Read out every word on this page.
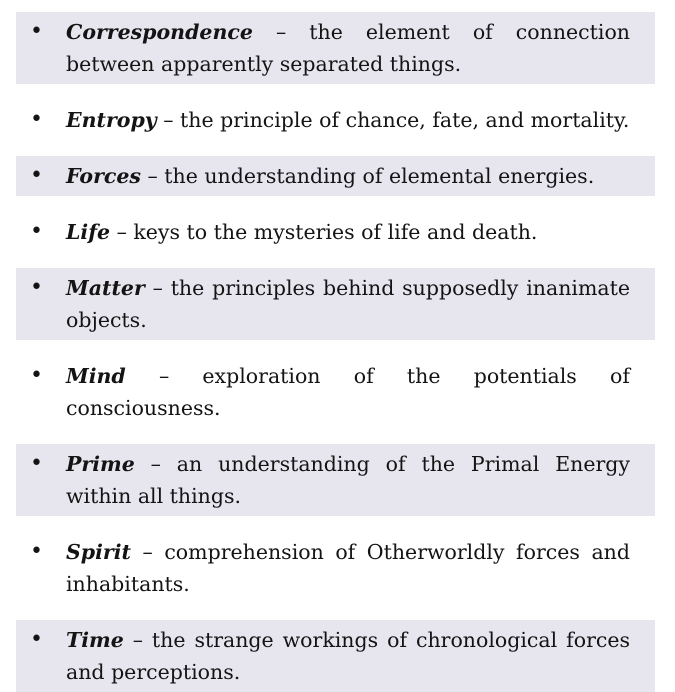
• Correspondence – the element of connection between apparently separated things.
• Entropy – the principle of chance, fate, and mortality.
• Forces – the understanding of elemental energies.
• Life – keys to the mysteries of life and death.
• Matter – the principles behind supposedly inanimate objects.
• Mind – exploration of the potentials of consciousness.
• Prime – an understanding of the Primal Energy within all things.
• Spirit – comprehension of Otherworldly forces and inhabitants.
• Time – the strange workings of chronological forces and perceptions.
